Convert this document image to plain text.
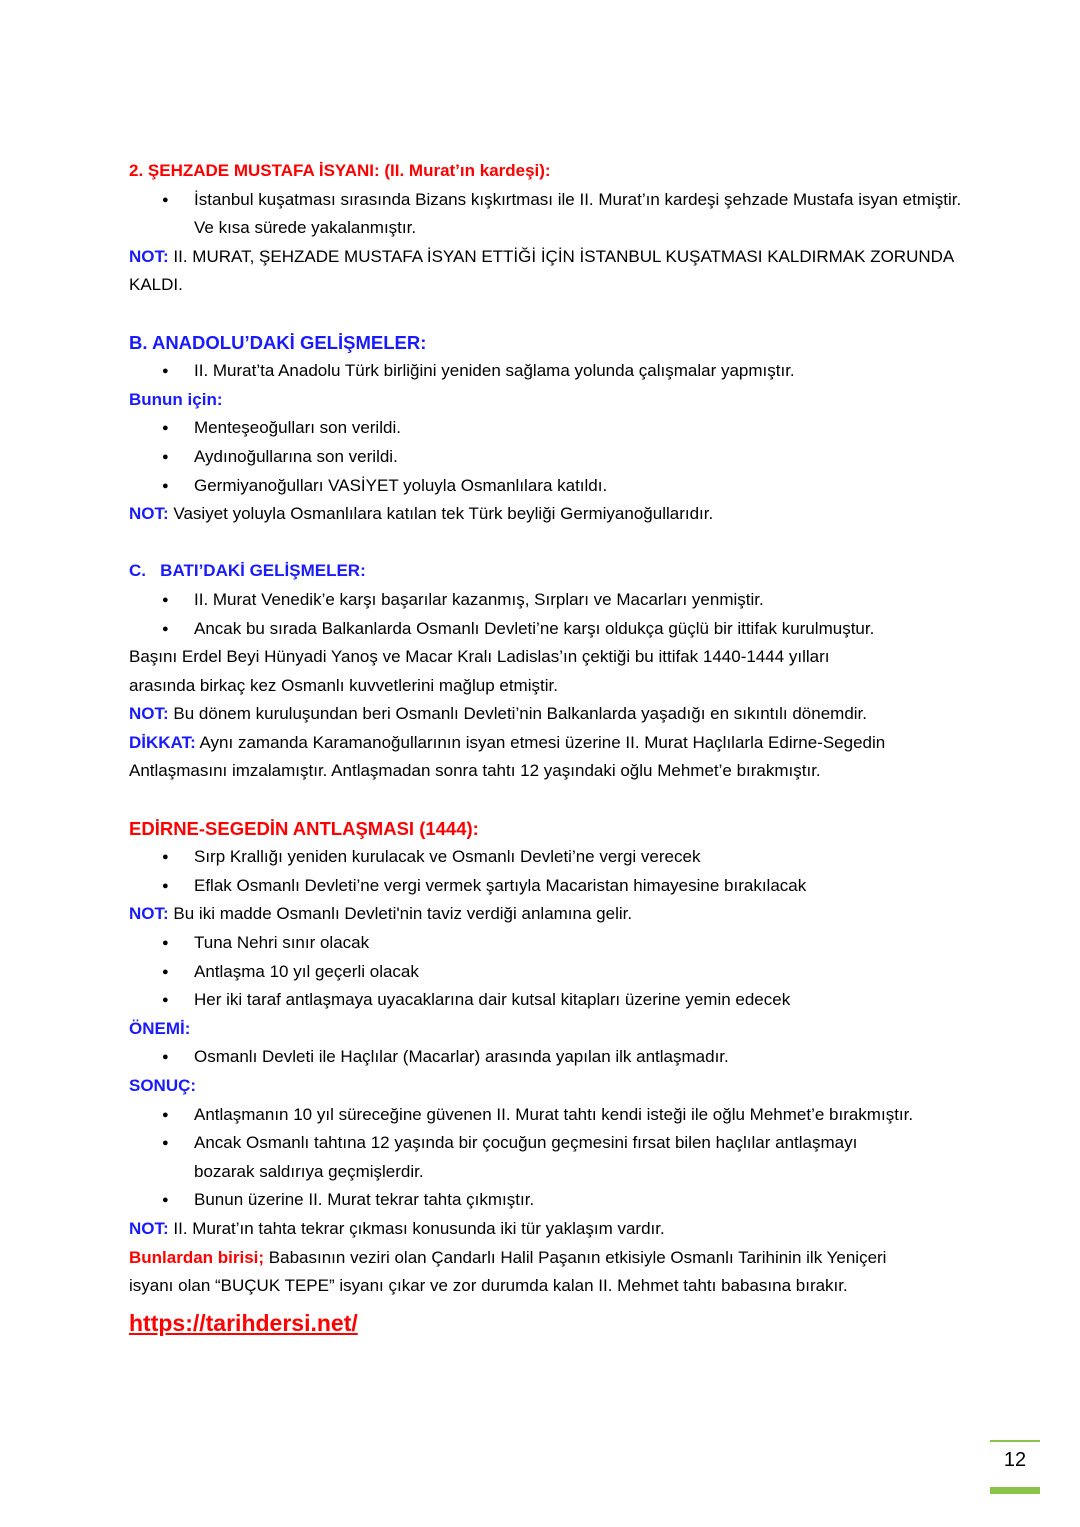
2. ŞEHZADE MUSTAFA İSYANI: (II. Murat’ın kardeşi):

● İstanbul kuşatması sırasında Bizans kışkırtması ile II. Murat’ın kardeşi şehzade Mustafa isyan etmiştir. Ve kısa sürede yakalanmıştır.

NOT: II. MURAT, ŞEHZADE MUSTAFA İSYAN ETTİĞİ İÇİN İSTANBUL KUŞATMASI KALDIRMAK ZORUNDA

KALDI.

B. ANADOLU’DAKİ GELİŞMELER:

● II. Murat’ta Anadolu Türk birliğini yeniden sağlama yolunda çalışmalar yapmıştır.

Bunun için:

● Menteşeoğulları son verildi.
● Aydınoğullarına son verildi.
● Germiyanoğulları VASİYET yoluyla Osmanlılara katıldı.

NOT: Vasiyet yoluyla Osmanlılara katılan tek Türk beyliği Germiyanoğullarıdır.

C.   BATI’DAKİ GELİŞMELER:

● II. Murat Venedik’e karşı başarılar kazanmış, Sırpları ve Macarları yenmiştir.
● Ancak bu sırada Balkanlarda Osmanlı Devleti’ne karşı oldukça güçlü bir ittifak kurulmuştur.

Başını Erdel Beyi Hünyadi Yanoş ve Macar Kralı Ladislas’ın çektiği bu ittifak 1440-1444 yılları

arasında birkaç kez Osmanlı kuvvetlerini mağlup etmiştir.

NOT: Bu dönem kuruluşundan beri Osmanlı Devleti’nin Balkanlarda yaşadığı en sıkıntılı dönemdir.

DİKKAT: Aynı zamanda Karamanoğullarının isyan etmesi üzerine II. Murat Haçlılarla Edirne-Segedin

Antlaşmasını imzalamıştır. Antlaşmadan sonra tahtı 12 yaşındaki oğlu Mehmet’e bırakmıştır.

EDİRNE-SEGEDİN ANTLAŞMASI (1444):

● Sırp Krallığı yeniden kurulacak ve Osmanlı Devleti’ne vergi verecek
● Eflak Osmanlı Devleti’ne vergi vermek şartıyla Macaristan himayesine bırakılacak

NOT: Bu iki madde Osmanlı Devleti'nin taviz verdiği anlamına gelir.

● Tuna Nehri sınır olacak
● Antlaşma 10 yıl geçerli olacak
● Her iki taraf antlaşmaya uyacaklarına dair kutsal kitapları üzerine yemin edecek

ÖNEMİ:

● Osmanlı Devleti ile Haçlılar (Macarlar) arasında yapılan ilk antlaşmadır.

SONUÇ:

● Antlaşmanın 10 yıl süreceğine güvenen II. Murat tahtı kendi isteği ile oğlu Mehmet’e bırakmıştır.
● Ancak Osmanlı tahtına 12 yaşında bir çocuğun geçmesini fırsat bilen haçlılar antlaşmayı bozarak saldırıya geçmişlerdir.
● Bunun üzerine II. Murat tekrar tahta çıkmıştır.

NOT: II. Murat’ın tahta tekrar çıkması konusunda iki tür yaklaşım vardır.

Bunlardan birisi; Babasının veziri olan Çandarlı Halil Paşanın etkisiyle Osmanlı Tarihinin ilk Yeniçeri

isyanı olan “BUÇUK TEPE” isyanı çıkar ve zor durumda kalan II. Mehmet tahtı babasına bırakır.

https://tarihdersi.net/
12
